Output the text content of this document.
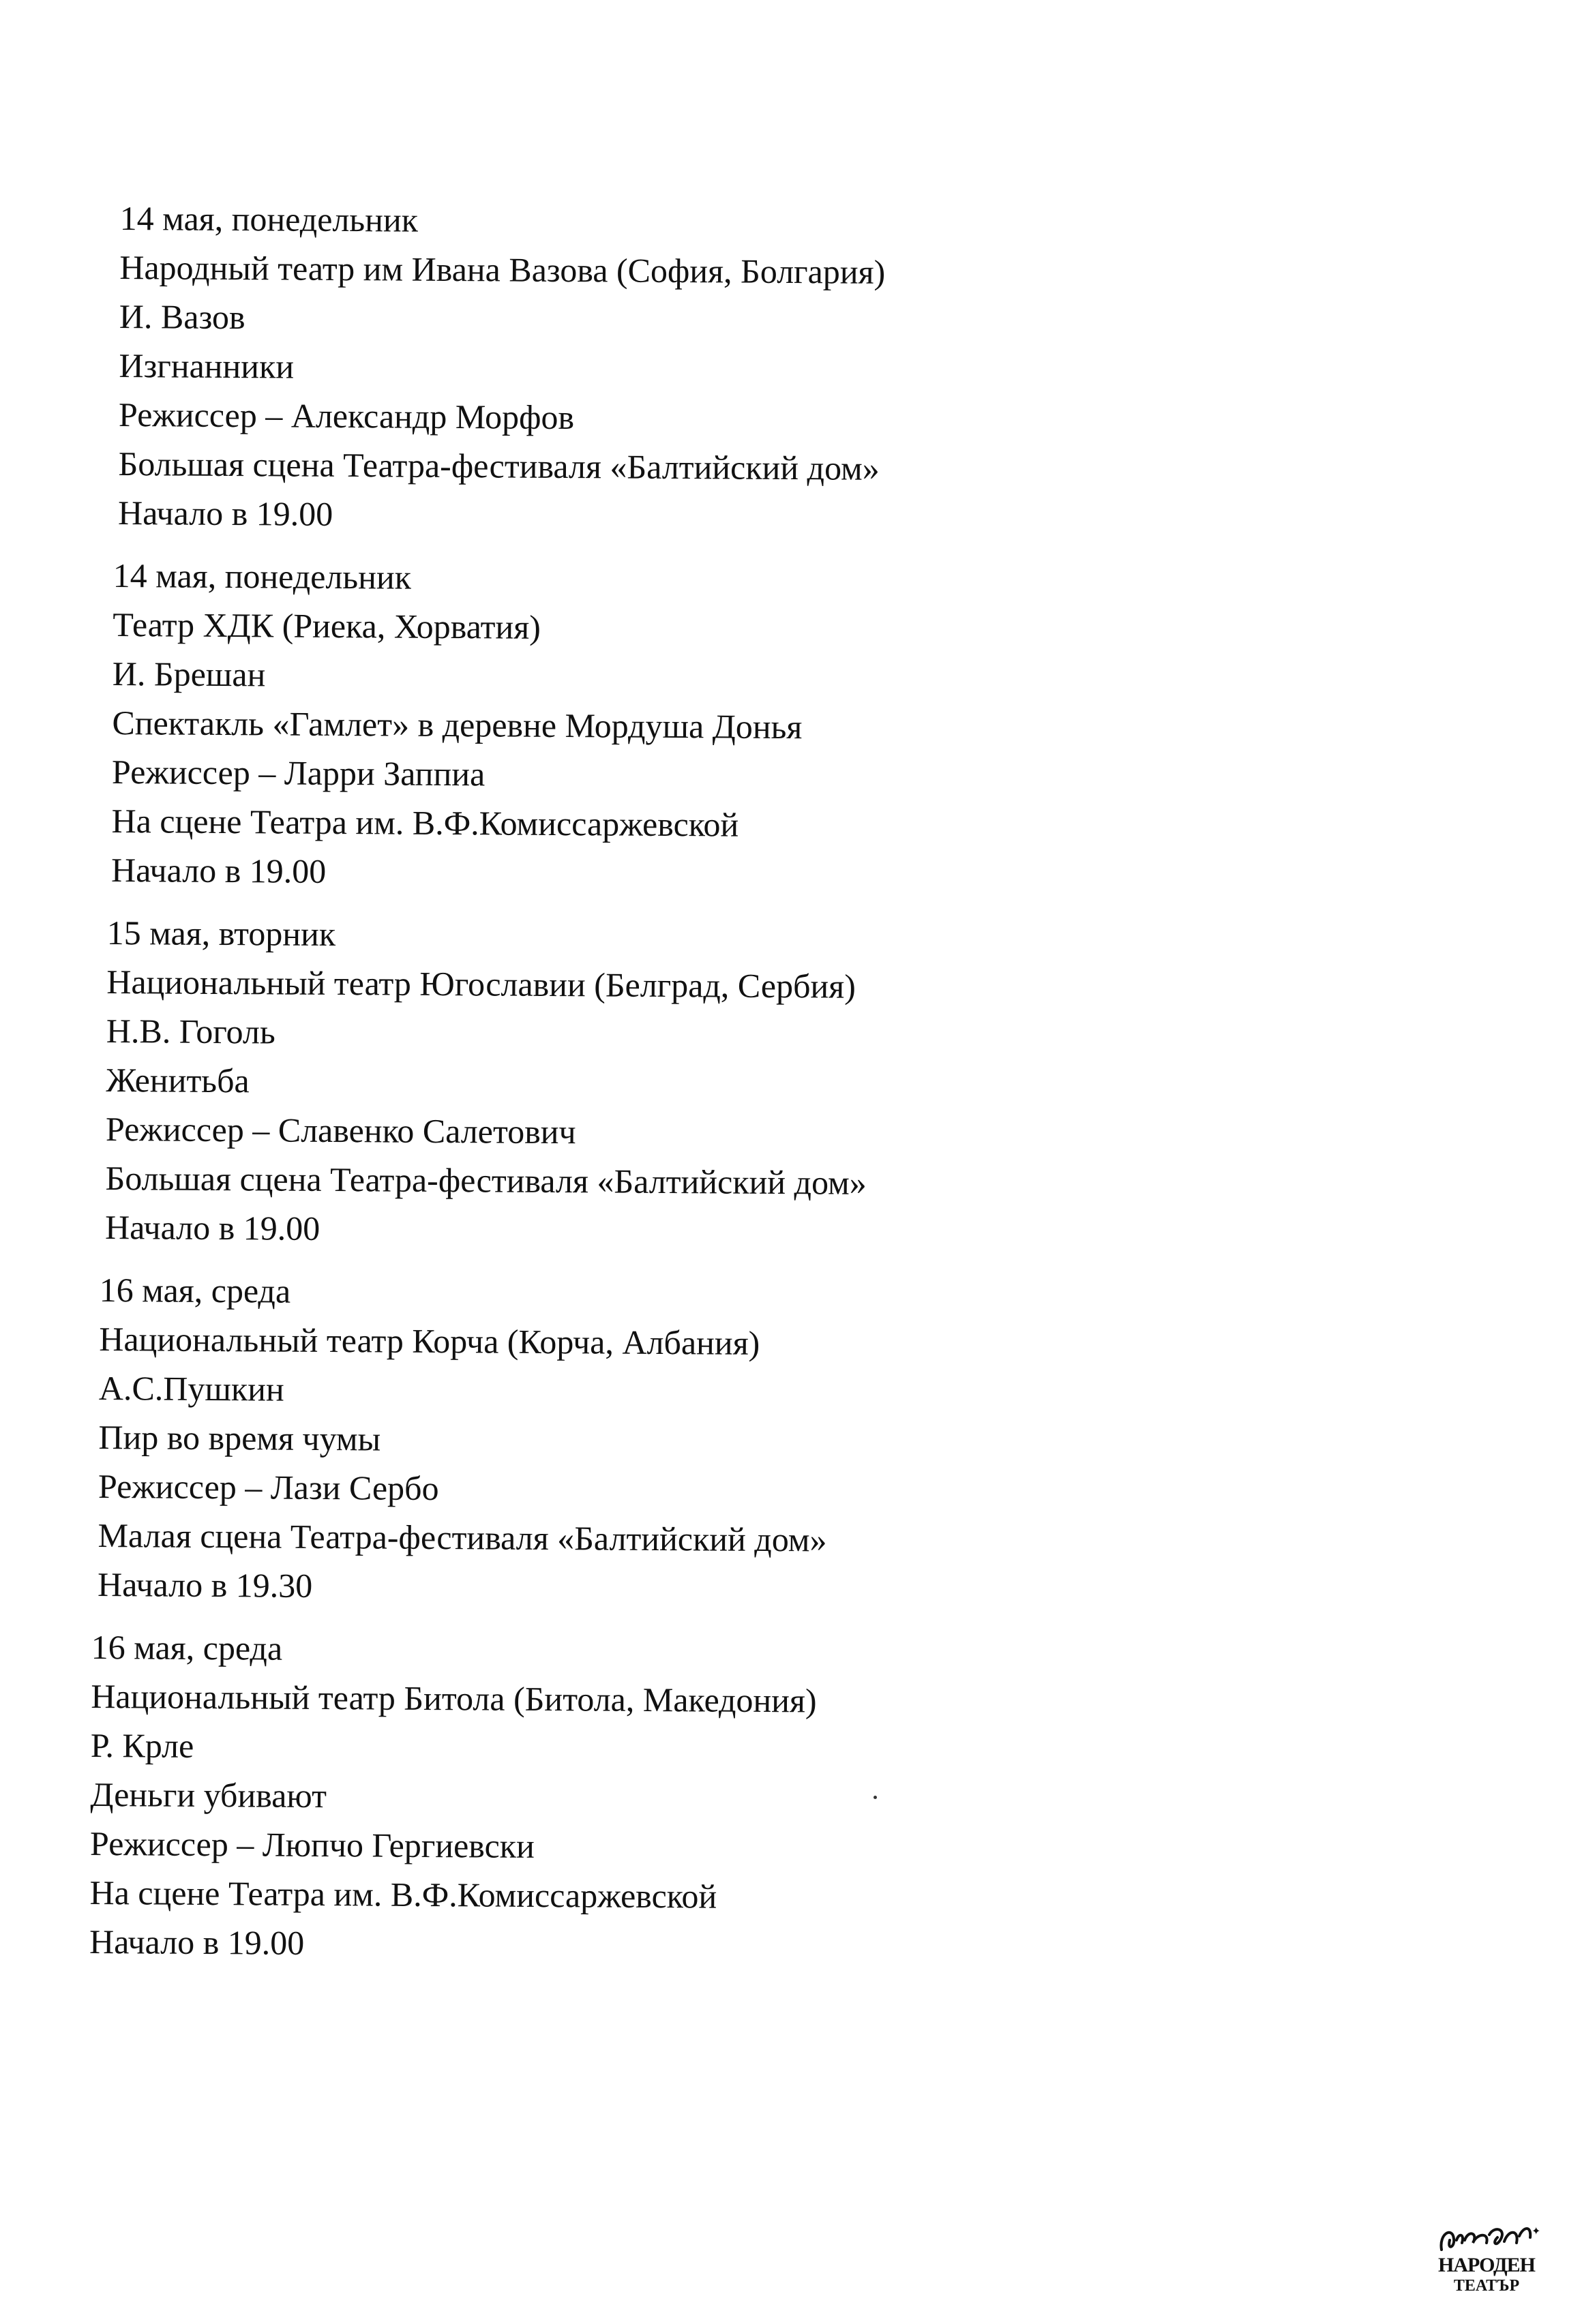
14 мая, понедельник
Народный театр им Ивана Вазова (София, Болгария)
И. Вазов
Изгнанники
Режиссер – Александр Морфов
Большая сцена Театра-фестиваля «Балтийский дом»
Начало в 19.00
14 мая, понедельник
Театр ХДК (Риека, Хорватия)
И. Брешан
Спектакль «Гамлет» в деревне Мордуша Донья
Режиссер – Ларри Заппиа
На сцене Театра им. В.Ф.Комиссаржевской
Начало в 19.00
15 мая, вторник
Национальный театр Югославии (Белград, Сербия)
Н.В. Гоголь
Женитьба
Режиссер – Славенко Салетович
Большая сцена Театра-фестиваля «Балтийский дом»
Начало в 19.00
16 мая, среда
Национальный театр Корча (Корча, Албания)
А.С.Пушкин
Пир во время чумы
Режиссер – Лази Сербо
Малая сцена Театра-фестиваля «Балтийский дом»
Начало в 19.30
16 мая, среда
Национальный театр Битола (Битола, Македония)
Р. Крле
Деньги убивают
Режиссер – Люпчо Гергиевски
На сцене Театра им. В.Ф.Комиссаржевской
Начало в 19.00
✦
НАРОДЕН
ТЕАТЪР
